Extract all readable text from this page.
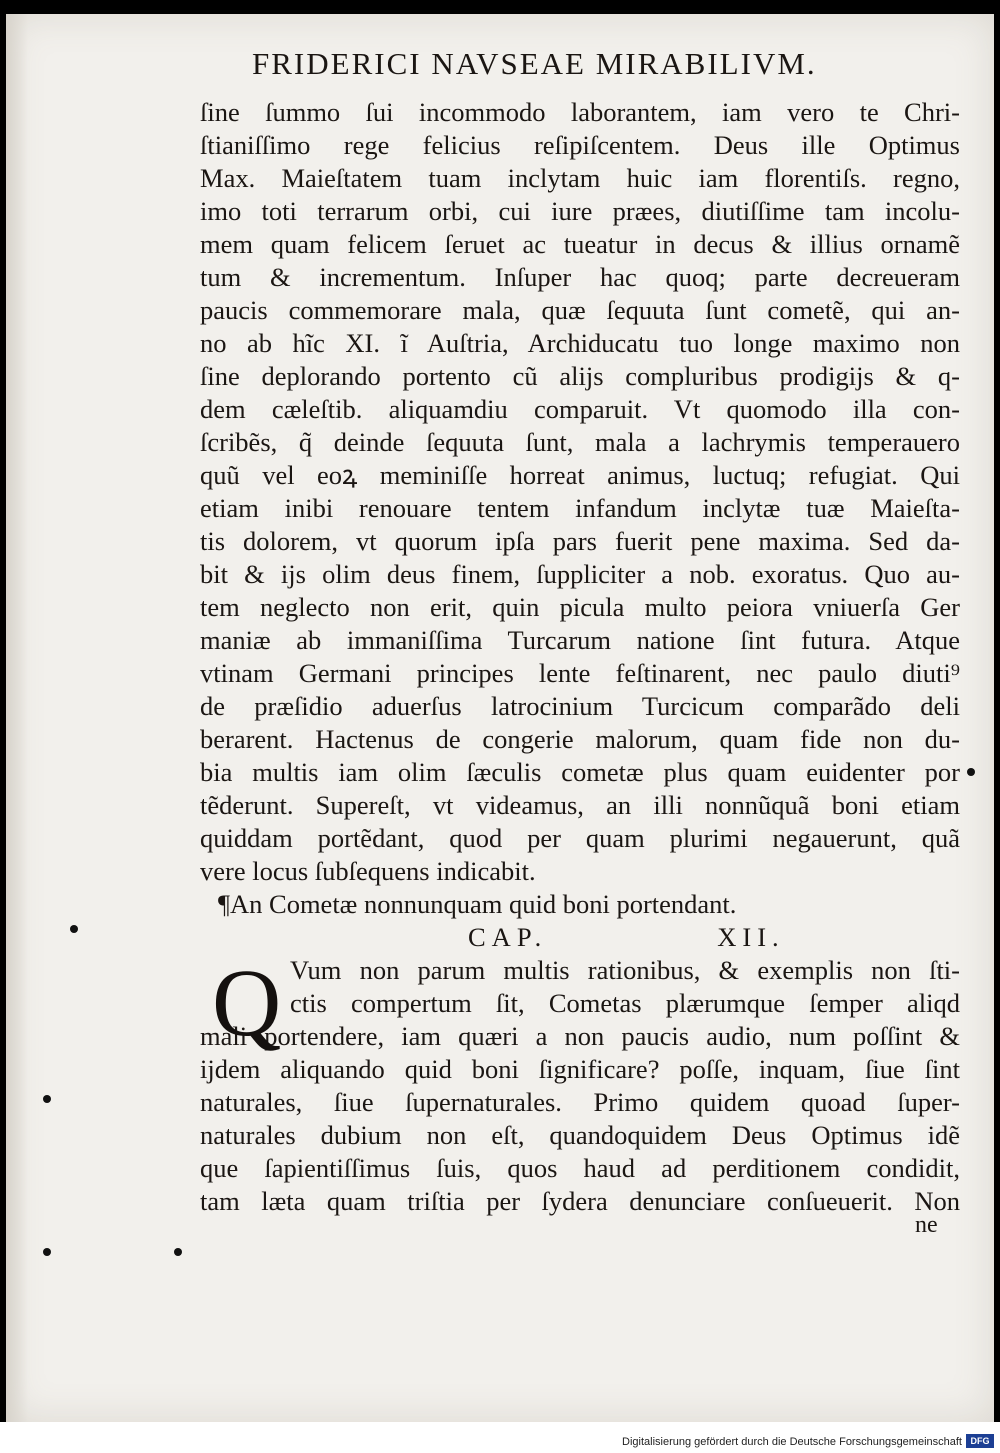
FRIDERICI NAVSEAE MIRABILIVM.
ſine ſummo ſui incommodo laborantem, iam vero te Chri-
ſtianiſſimo rege felicius reſipiſcentem. Deus ille Optimus
Max. Maieſtatem tuam inclytam huic iam florentiſs. regno,
imo toti terrarum orbi, cui iure præes, diutiſſime tam incolu-
mem quam felicem ſeruet ac tueatur in decus & illius ornamẽ
tum & incrementum. Inſuper hac quoq; parte decreueram
paucis commemorare mala, quæ ſequuta ſunt cometẽ, qui an-
no ab hĩc XI. ĩ Auſtria, Archiducatu tuo longe maximo non
ſine deplorando portento cũ alijs compluribus prodigijs & q-
dem cæleſtib. aliquamdiu comparuit. Vt quomodo illa con-
ſcribẽs, q̃ deinde ſequuta ſunt, mala a lachrymis temperauero
quũ vel eoꝝ meminiſſe horreat animus, luctuq; refugiat. Qui
etiam inibi renouare tentem infandum inclytæ tuæ Maieſta-
tis dolorem, vt quorum ipſa pars fuerit pene maxima. Sed da-
bit & ijs olim deus finem, ſuppliciter a nob. exoratus. Quo au-
tem neglecto non erit, quin picula multo peiora vniuerſa Ger
maniæ ab immaniſſima Turcarum natione ſint futura. Atque
vtinam Germani principes lente feſtinarent, nec paulo diuti⁹
de præſidio aduerſus latrocinium Turcicum comparãdo deli
berarent. Hactenus de congerie malorum, quam fide non du-
bia multis iam olim ſæculis cometæ plus quam euidenter por
tẽderunt. Supereſt, vt videamus, an illi nonnũquã boni etiam
quiddam portẽdant, quod per quam plurimi negauerunt, quã
vere locus ſubſequens indicabit.
¶An Cometæ nonnunquam quid boni portendant.
CAP.	XII.
Q Vum non parum multis rationibus, & exemplis non ſti-
ctis compertum ſit, Cometas plærumque ſemper aliqd
mali portendere, iam quæri a non paucis audio, num poſſint &
ijdem aliquando quid boni ſignificare? poſſe, inquam, ſiue ſint
naturales, ſiue ſupernaturales. Primo quidem quoad ſuper-
naturales dubium non eſt, quandoquidem Deus Optimus idẽ
que ſapientiſſimus ſuis, quos haud ad perditionem condidit,
tam læta quam triſtia per ſydera denunciare conſueuerit. Non
ne
Digitalisierung gefördert durch die Deutsche Forschungsgemeinschaft DFG
